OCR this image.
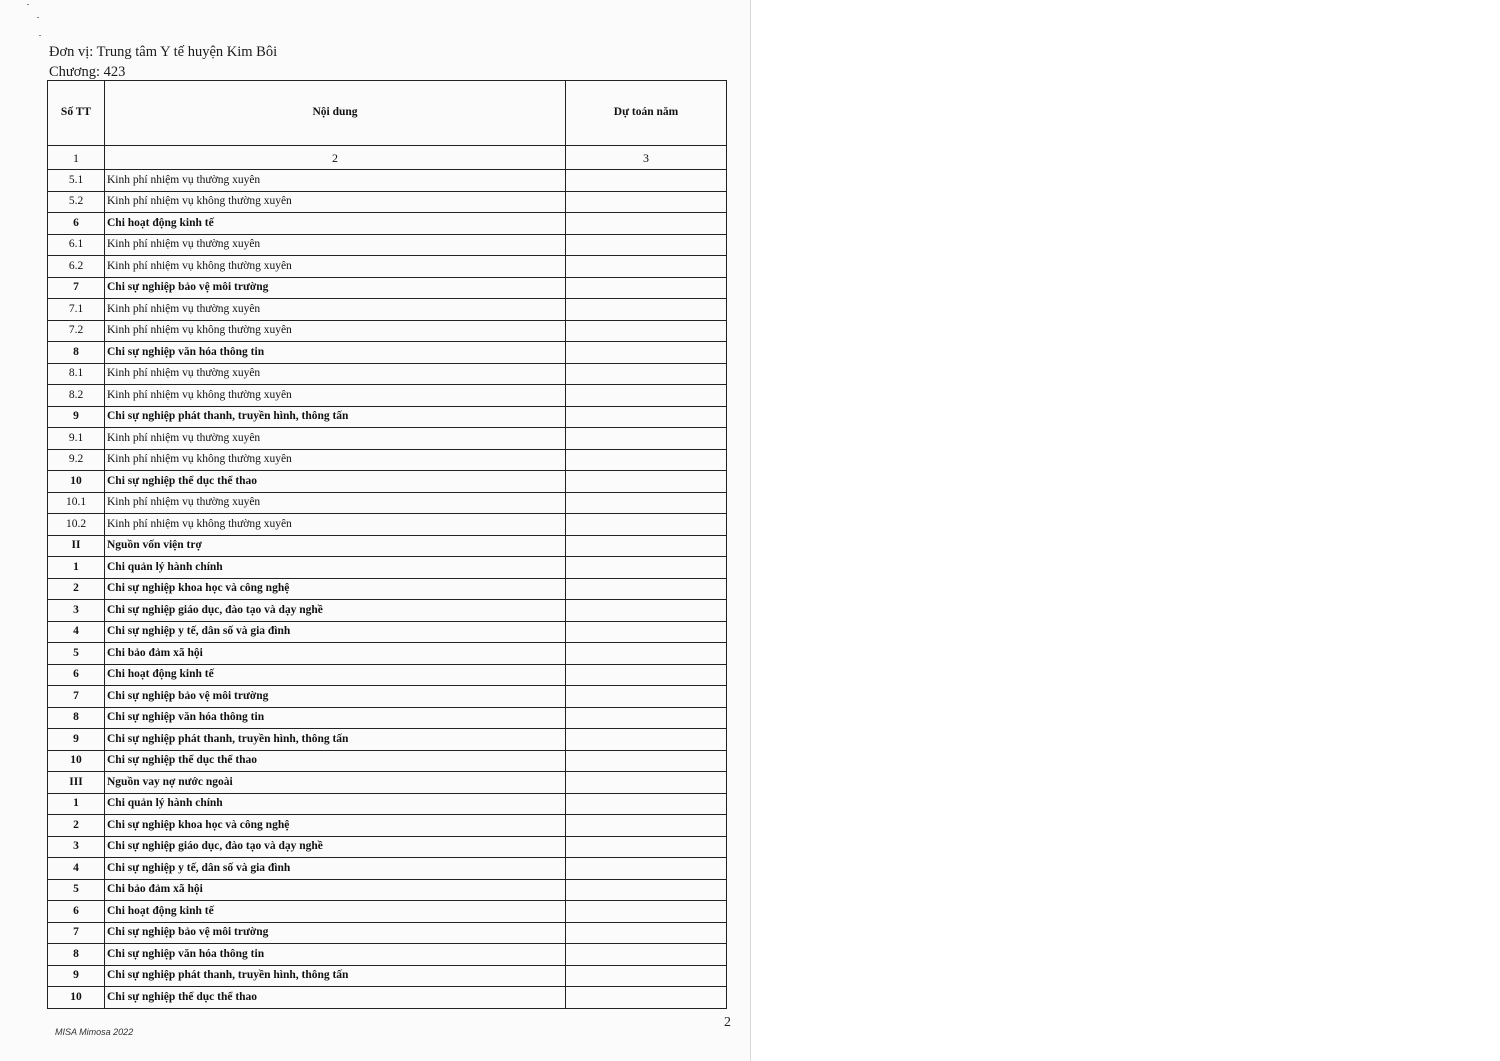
Đơn vị: Trung tâm Y tế huyện Kim Bôi
Chương: 423
Số TT	Nội dung	Dự toán năm
1	2	3
5.1	Kinh phí nhiệm vụ thường xuyên	
5.2	Kinh phí nhiệm vụ không thường xuyên	
6	Chi hoạt động kinh tế	
6.1	Kinh phí nhiệm vụ thường xuyên	
6.2	Kinh phí nhiệm vụ không thường xuyên	
7	Chi sự nghiệp bảo vệ môi trường	
7.1	Kinh phí nhiệm vụ thường xuyên	
7.2	Kinh phí nhiệm vụ không thường xuyên	
8	Chi sự nghiệp văn hóa thông tin	
8.1	Kinh phí nhiệm vụ thường xuyên	
8.2	Kinh phí nhiệm vụ không thường xuyên	
9	Chi sự nghiệp phát thanh, truyền hình, thông tấn	
9.1	Kinh phí nhiệm vụ thường xuyên	
9.2	Kinh phí nhiệm vụ không thường xuyên	
10	Chi sự nghiệp thể dục thể thao	
10.1	Kinh phí nhiệm vụ thường xuyên	
10.2	Kinh phí nhiệm vụ không thường xuyên	
II	Nguồn vốn viện trợ	
1	Chi quản lý hành chính	
2	Chi sự nghiệp khoa học và công nghệ	
3	Chi sự nghiệp giáo dục, đào tạo và dạy nghề	
4	Chi sự nghiệp y tế, dân số và gia đình	
5	Chi bảo đảm xã hội	
6	Chi hoạt động kinh tế	
7	Chi sự nghiệp bảo vệ môi trường	
8	Chi sự nghiệp văn hóa thông tin	
9	Chi sự nghiệp phát thanh, truyền hình, thông tấn	
10	Chi sự nghiệp thể dục thể thao	
III	Nguồn vay nợ nước ngoài	
1	Chi quản lý hành chính	
2	Chi sự nghiệp khoa học và công nghệ	
3	Chi sự nghiệp giáo dục, đào tạo và dạy nghề	
4	Chi sự nghiệp y tế, dân số và gia đình	
5	Chi bảo đảm xã hội	
6	Chi hoạt động kinh tế	
7	Chi sự nghiệp bảo vệ môi trường	
8	Chi sự nghiệp văn hóa thông tin	
9	Chi sự nghiệp phát thanh, truyền hình, thông tấn	
10	Chi sự nghiệp thể dục thể thao	
MISA Mimosa 2022
2
